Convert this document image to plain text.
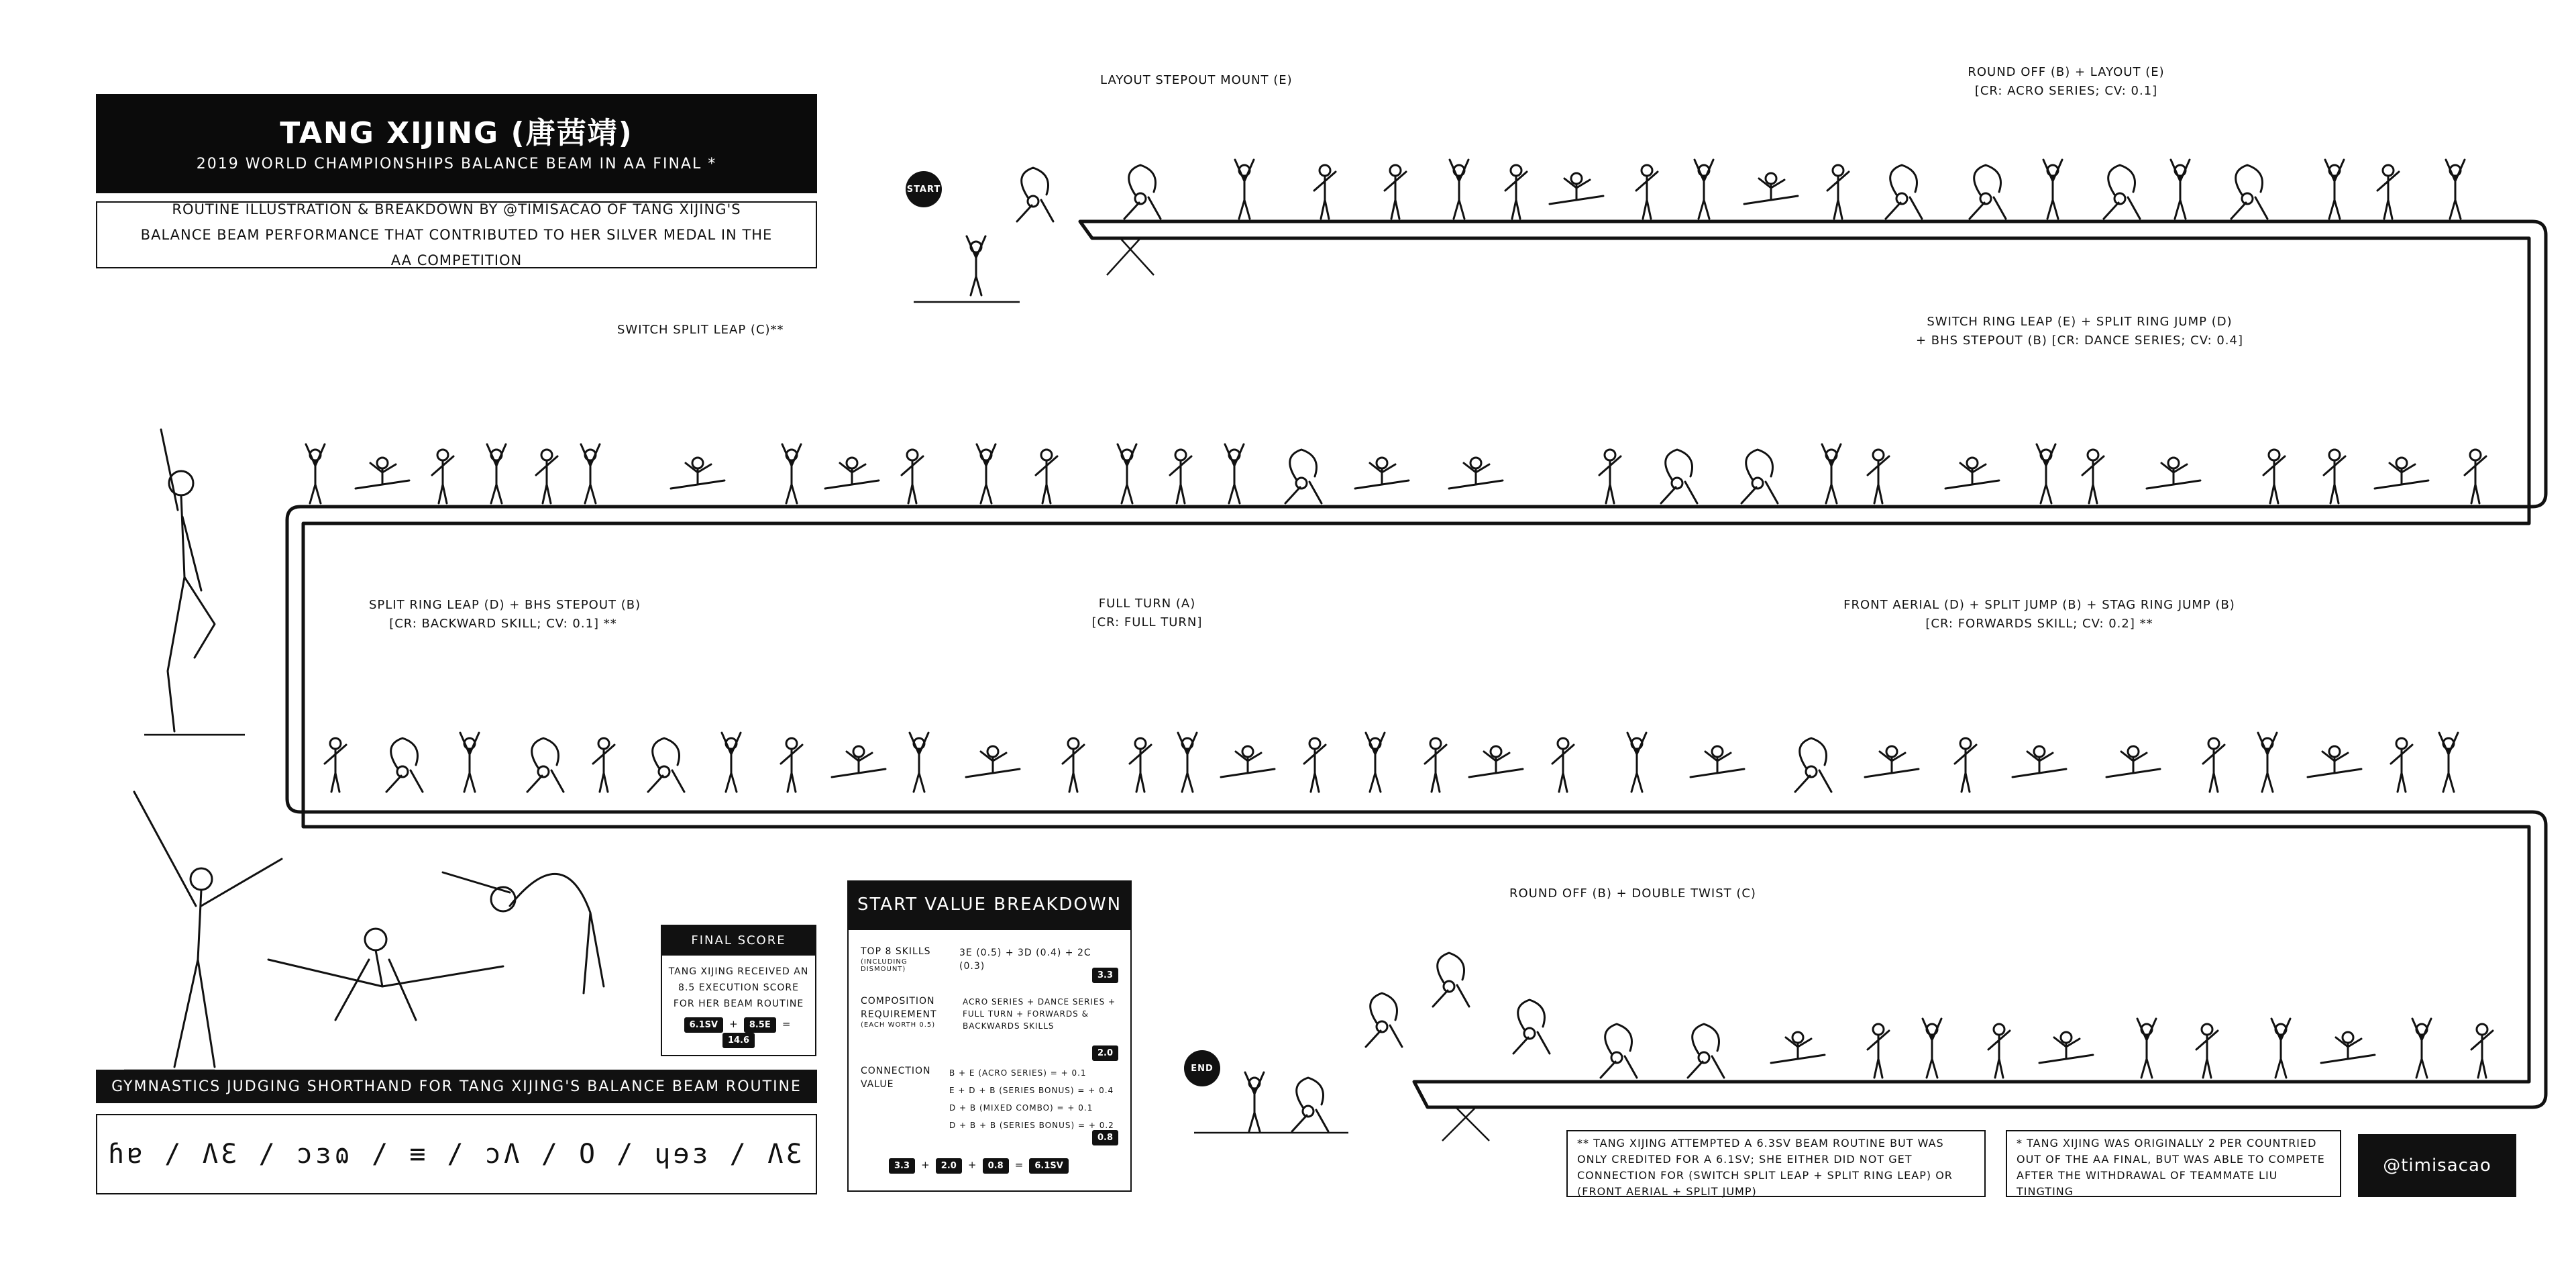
TANG XIJING (唐茜靖)
2019 WORLD CHAMPIONSHIPS BALANCE BEAM IN AA FINAL *
ROUTINE ILLUSTRATION & BREAKDOWN BY @TIMISACAO OF TANG XIJING'S BALANCE BEAM PERFORMANCE THAT CONTRIBUTED TO HER SILVER MEDAL IN THE AA COMPETITION
START
END
LAYOUT STEPOUT MOUNT (E)
ROUND OFF (B) + LAYOUT (E)
[CR: ACRO SERIES; CV: 0.1]
SWITCH SPLIT LEAP (C)**
SWITCH RING LEAP (E) + SPLIT RING JUMP (D)
+ BHS STEPOUT (B) [CR: DANCE SERIES; CV: 0.4]
SPLIT RING LEAP (D) + BHS STEPOUT (B)
[CR: BACKWARD SKILL; CV: 0.1] **
FULL TURN (A)
[CR: FULL TURN]
FRONT AERIAL (D) + SPLIT JUMP (B) + STAG RING JUMP (B)
[CR: FORWARDS SKILL; CV: 0.2] **
ROUND OFF (B) + DOUBLE TWIST (C)
FINAL SCORE
TANG XIJING RECEIVED AN 8.5 EXECUTION SCORE FOR HER BEAM ROUTINE
6.1SV + 8.5E = 14.6
START VALUE BREAKDOWN
TOP 8 SKILLS
(INCLUDING DISMOUNT)
3E (0.5) + 3D (0.4) + 2C (0.3)
3.3
COMPOSITION REQUIREMENT
(EACH WORTH 0.5)
ACRO SERIES + DANCE SERIES + FULL TURN + FORWARDS & BACKWARDS SKILLS
2.0
CONNECTION VALUE
B + E (ACRO SERIES) = + 0.1
E + D + B (SERIES BONUS) = + 0.4
D + B (MIXED COMBO) = + 0.1
D + B + B (SERIES BONUS) = + 0.2
0.8
3.3 + 2.0 + 0.8 = 6.1SV
GYMNASTICS JUDGING SHORTHAND FOR TANG XIJING'S BALANCE BEAM ROUTINE
ɦɐ / ɅƐ / ɔɜɷ / ≡ / ɔɅ / O / ɥɘɜ / ɅƐ	** TANG XIJING ATTEMPTED A 6.3SV BEAM ROUTINE BUT WAS ONLY CREDITED FOR A 6.1SV; SHE EITHER DID NOT GET CONNECTION FOR (SWITCH SPLIT LEAP + SPLIT RING LEAP) OR (FRONT AERIAL + SPLIT JUMP)
* TANG XIJING WAS ORIGINALLY 2 PER COUNTRIED OUT OF THE AA FINAL, BUT WAS ABLE TO COMPETE AFTER THE WITHDRAWAL OF TEAMMATE LIU TINGTING
@timisacao
